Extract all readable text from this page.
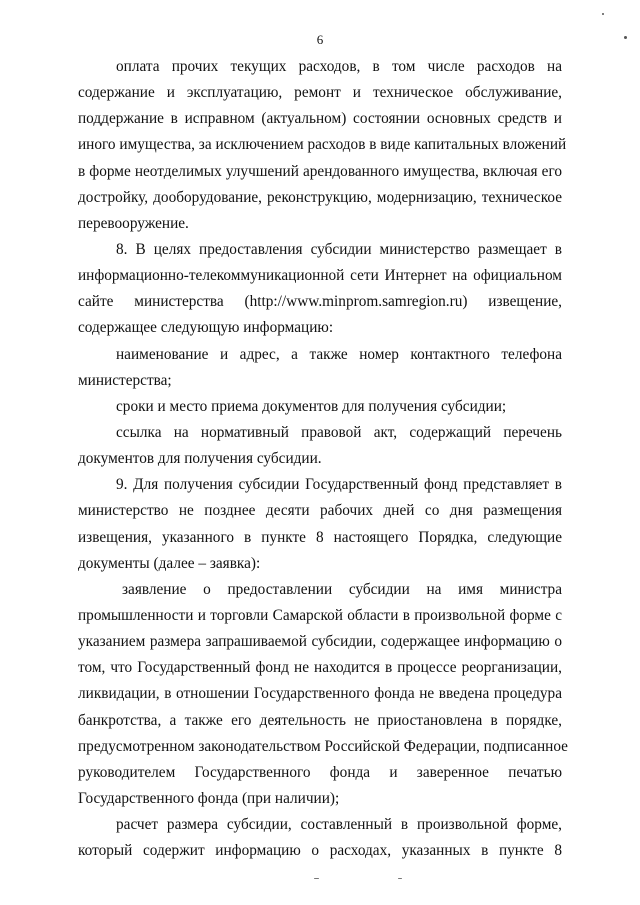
6
оплата прочих текущих расходов, в том числе расходов на
содержание и эксплуатацию, ремонт и техническое обслуживание,
поддержание в исправном (актуальном) состоянии основных средств и
иного имущества, за исключением расходов в виде капитальных вложений
в форме неотделимых улучшений арендованного имущества, включая его
достройку, дооборудование, реконструкцию, модернизацию, техническое
перевооружение.
8. В целях предоставления субсидии министерство размещает в
информационно-телекоммуникационной сети Интернет на официальном
сайте министерства (http://www.minprom.samregion.ru) извещение,
содержащее следующую информацию:
наименование и адрес, а также номер контактного телефона
министерства;
сроки и место приема документов для получения субсидии;
ссылка на нормативный правовой акт, содержащий перечень
документов для получения субсидии.
9. Для получения субсидии Государственный фонд представляет в
министерство не позднее десяти рабочих дней со дня размещения
извещения, указанного в пункте 8 настоящего Порядка, следующие
документы (далее – заявка):
заявление о предоставлении субсидии на имя министра
промышленности и торговли Самарской области в произвольной форме с
указанием размера запрашиваемой субсидии, содержащее информацию о
том, что Государственный фонд не находится в процессе реорганизации,
ликвидации, в отношении Государственного фонда не введена процедура
банкротства, а также его деятельность не приостановлена в порядке,
предусмотренном законодательством Российской Федерации, подписанное
руководителем Государственного фонда и заверенное печатью
Государственного фонда (при наличии);
расчет размера субсидии, составленный в произвольной форме,
который содержит информацию о расходах, указанных в пункте 8
